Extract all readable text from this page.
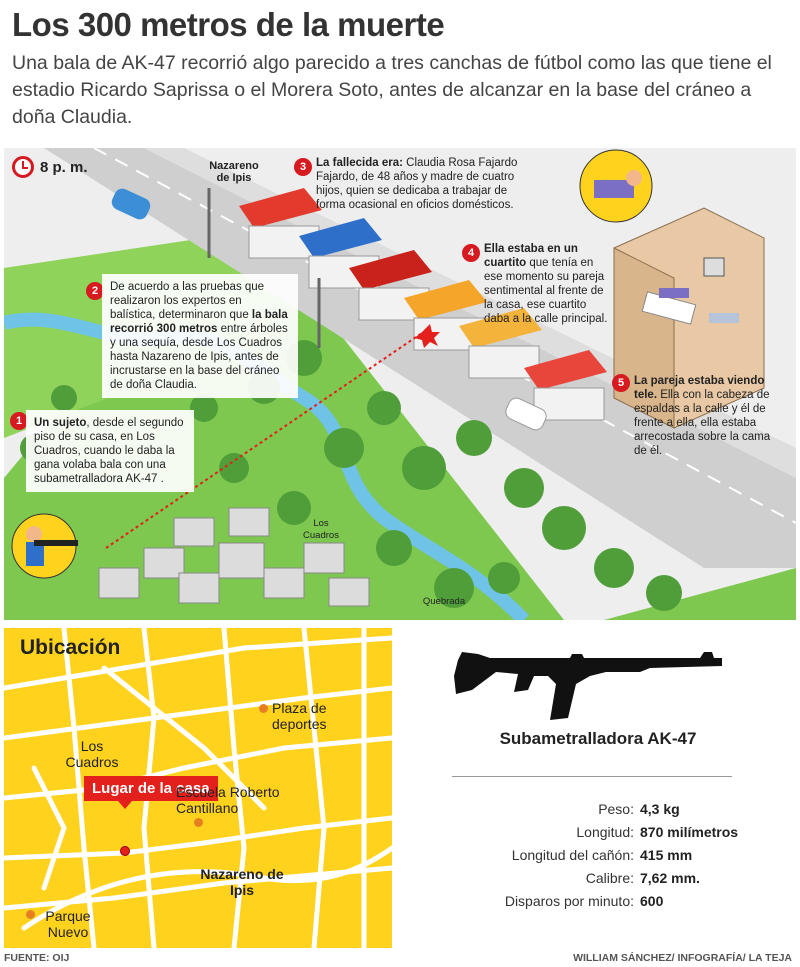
Los 300 metros de la muerte
Una bala de AK-47 recorrió algo parecido a tres canchas de fútbol como las que tiene el estadio Ricardo Saprissa o el Morera Soto, antes de alcanzar en la base del cráneo a doña Claudia.
8 p. m.	Nazareno de Ipis
Los Cuadros
Quebrada
1	Un sujeto, desde el segundo piso de su casa, en Los Cuadros, cuando le daba la gana volaba bala con una subametralladora AK-47 .
2	De acuerdo a las pruebas que realizaron los expertos en balística, determinaron que la bala recorrió 300 metros entre árboles y una sequía, desde Los Cuadros hasta Nazareno de Ipis, antes de incrustarse en la base del cráneo de doña Claudia.
3 La fallecida era: Claudia Rosa Fajardo Fajardo, de 48 años y madre de cuatro hijos, quien se dedicaba a trabajar de forma ocasional en oficios domésticos.
4 Ella estaba en un cuartito que tenía en ese momento su pareja sentimental al frente de la casa, ese cuartito daba a la calle principal.
5 La pareja estaba viendo tele. Ella con la cabeza de espaldas a la calle y él de frente a ella, ella estaba arrecostada sobre la cama de él.
Ubicación
Plaza de deportes
Los Cuadros
Lugar de la casa
Escuela Roberto Cantillano
Nazareno de Ipis
Parque Nuevo
Subametralladora AK-47
Peso: 4,3 kg
Longitud: 870 milímetros
Longitud del cañón: 415 mm
Calibre: 7,62 mm.
Disparos por minuto: 600
FUENTE: OIJ	WILLIAM SÁNCHEZ/ INFOGRAFÍA/ LA TEJA
